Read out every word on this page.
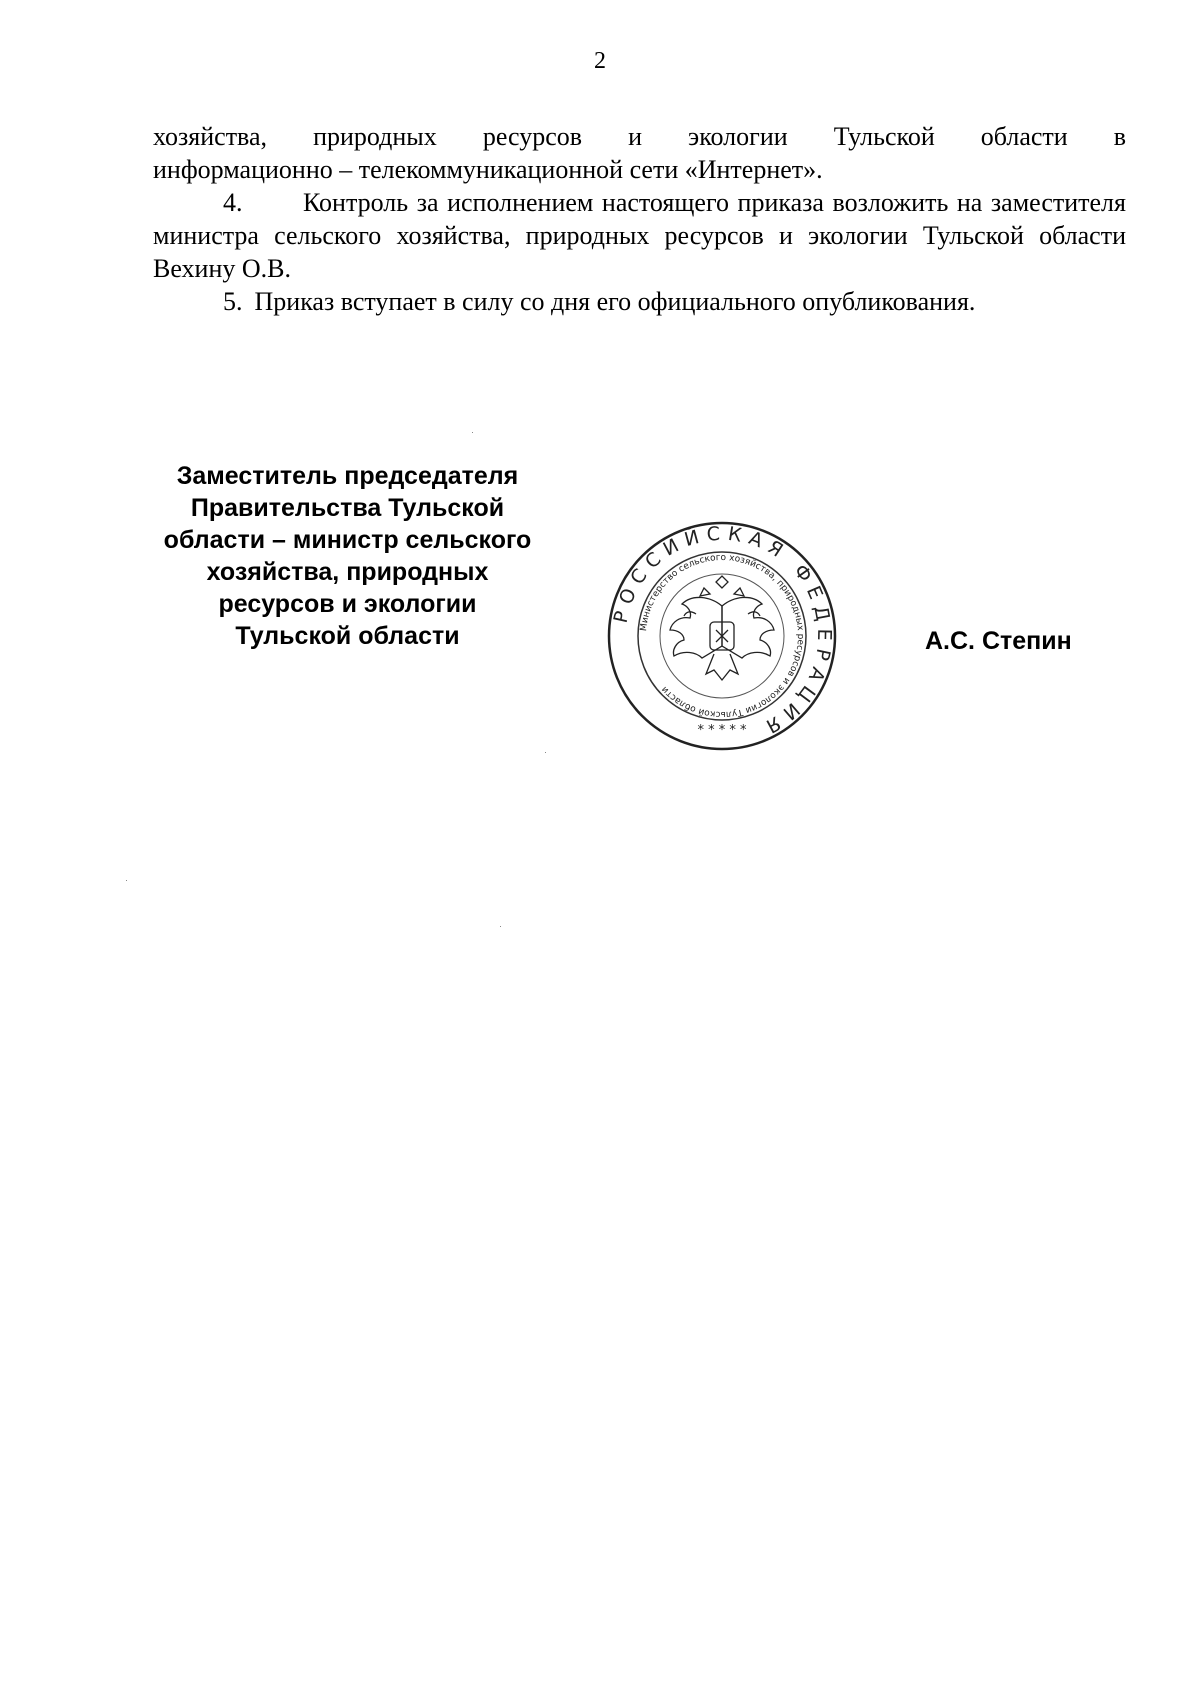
2

хозяйства, природных ресурсов и экологии Тульской области в

информационно – телекоммуникационной сети «Интернет».

4. Контроль за исполнением настоящего приказа возложить на заместителя министра сельского хозяйства, природных ресурсов и экологии Тульской области Вехину О.В.

5. Приказ вступает в силу со дня его официального опубликования.

Заместитель председателя
Правительства Тульской
области – министр сельского
хозяйства, природных
ресурсов и экологии
Тульской области
РОССИЙСКАЯ ФЕДЕРАЦИЯ
Министерство сельского хозяйства, природных ресурсов и экологии Тульской области
* * * * *
А.С. Степин
